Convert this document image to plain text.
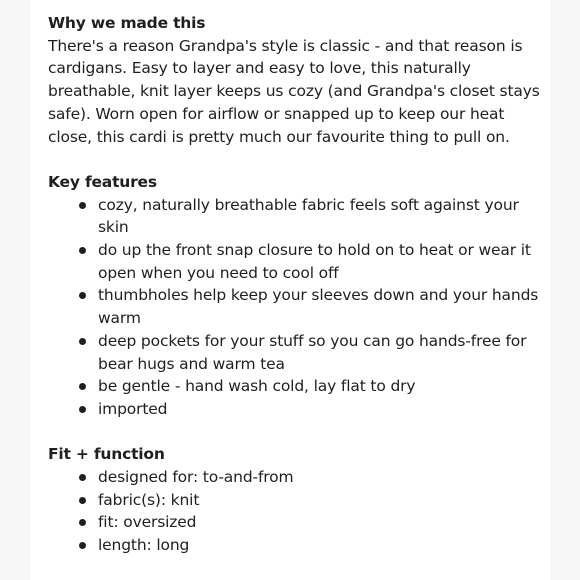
Why we made this

There's a reason Grandpa's style is classic - and that reason is cardigans. Easy to layer and easy to love, this naturally breathable, knit layer keeps us cozy (and Grandpa's closet stays safe). Worn open for airflow or snapped up to keep our heat close, this cardi is pretty much our favourite thing to pull on.

Key features
cozy, naturally breathable fabric feels soft against your skin
do up the front snap closure to hold on to heat or wear it open when you need to cool off
thumbholes help keep your sleeves down and your hands warm
deep pockets for your stuff so you can go hands-free for bear hugs and warm tea
be gentle - hand wash cold, lay flat to dry
imported
Fit + function
designed for: to-and-from
fabric(s): knit
fit: oversized
length: long
